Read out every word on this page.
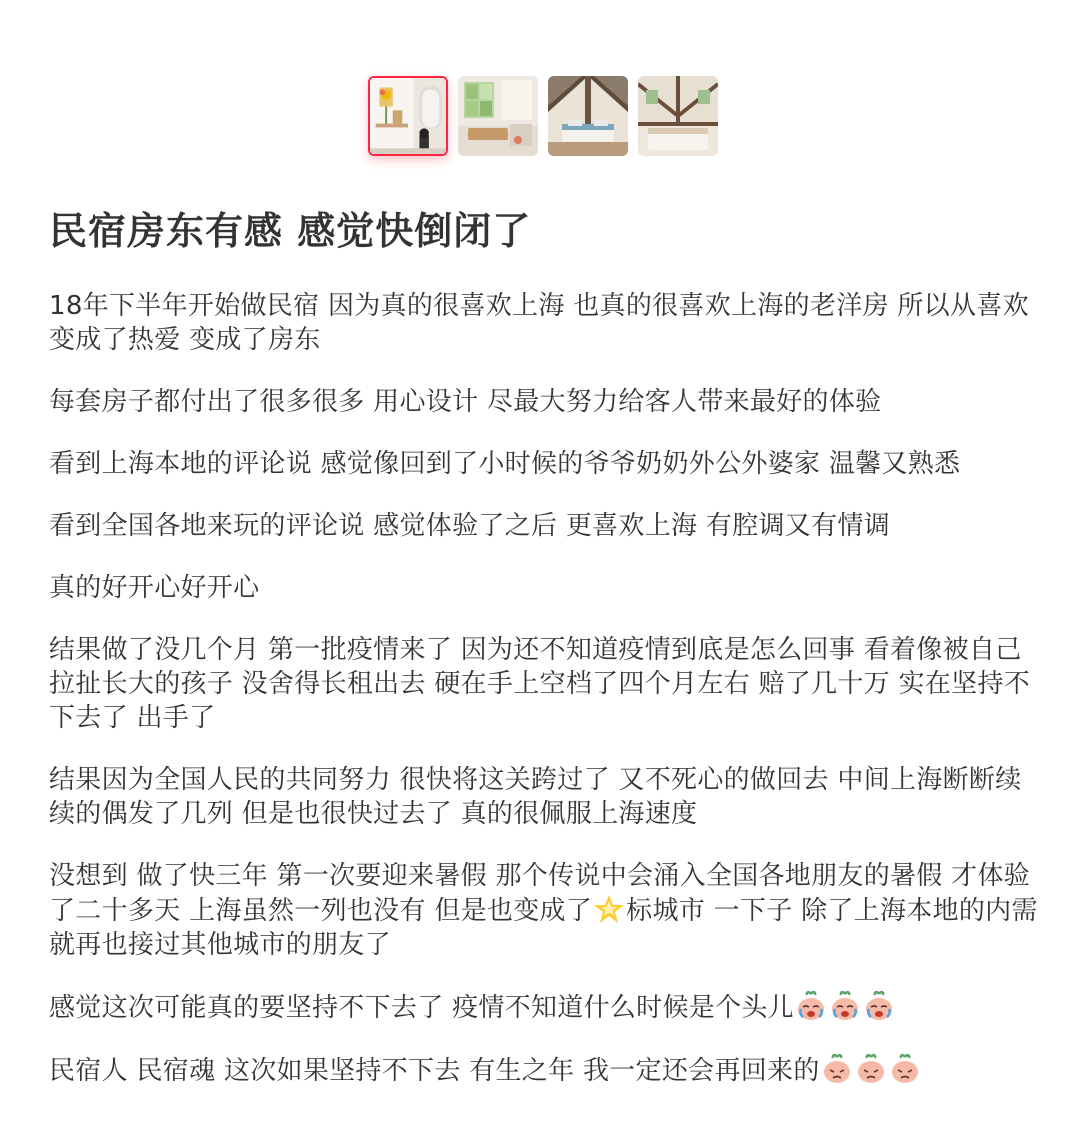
民宿房东有感 感觉快倒闭了

18年下半年开始做民宿 因为真的很喜欢上海 也真的很喜欢上海的老洋房 所以从喜欢变成了热爱 变成了房东

每套房子都付出了很多很多 用心设计 尽最大努力给客人带来最好的体验

看到上海本地的评论说 感觉像回到了小时候的爷爷奶奶外公外婆家 温馨又熟悉

看到全国各地来玩的评论说 感觉体验了之后 更喜欢上海 有腔调又有情调

真的好开心好开心

结果做了没几个月 第一批疫情来了 因为还不知道疫情到底是怎么回事 看着像被自己拉扯长大的孩子 没舍得长租出去 硬在手上空档了四个月左右 赔了几十万 实在坚持不下去了 出手了

结果因为全国人民的共同努力 很快将这关跨过了 又不死心的做回去 中间上海断断续续的偶发了几列 但是也很快过去了 真的很佩服上海速度

没想到 做了快三年 第一次要迎来暑假 那个传说中会涌入全国各地朋友的暑假 才体验了二十多天 上海虽然一列也没有 但是也变成了 标城市 一下子 除了上海本地的内需 就再也接过其他城市的朋友了

感觉这次可能真的要坚持不下去了 疫情不知道什么时候是个头儿

民宿人 民宿魂 这次如果坚持不下去 有生之年 我一定还会再回来的
